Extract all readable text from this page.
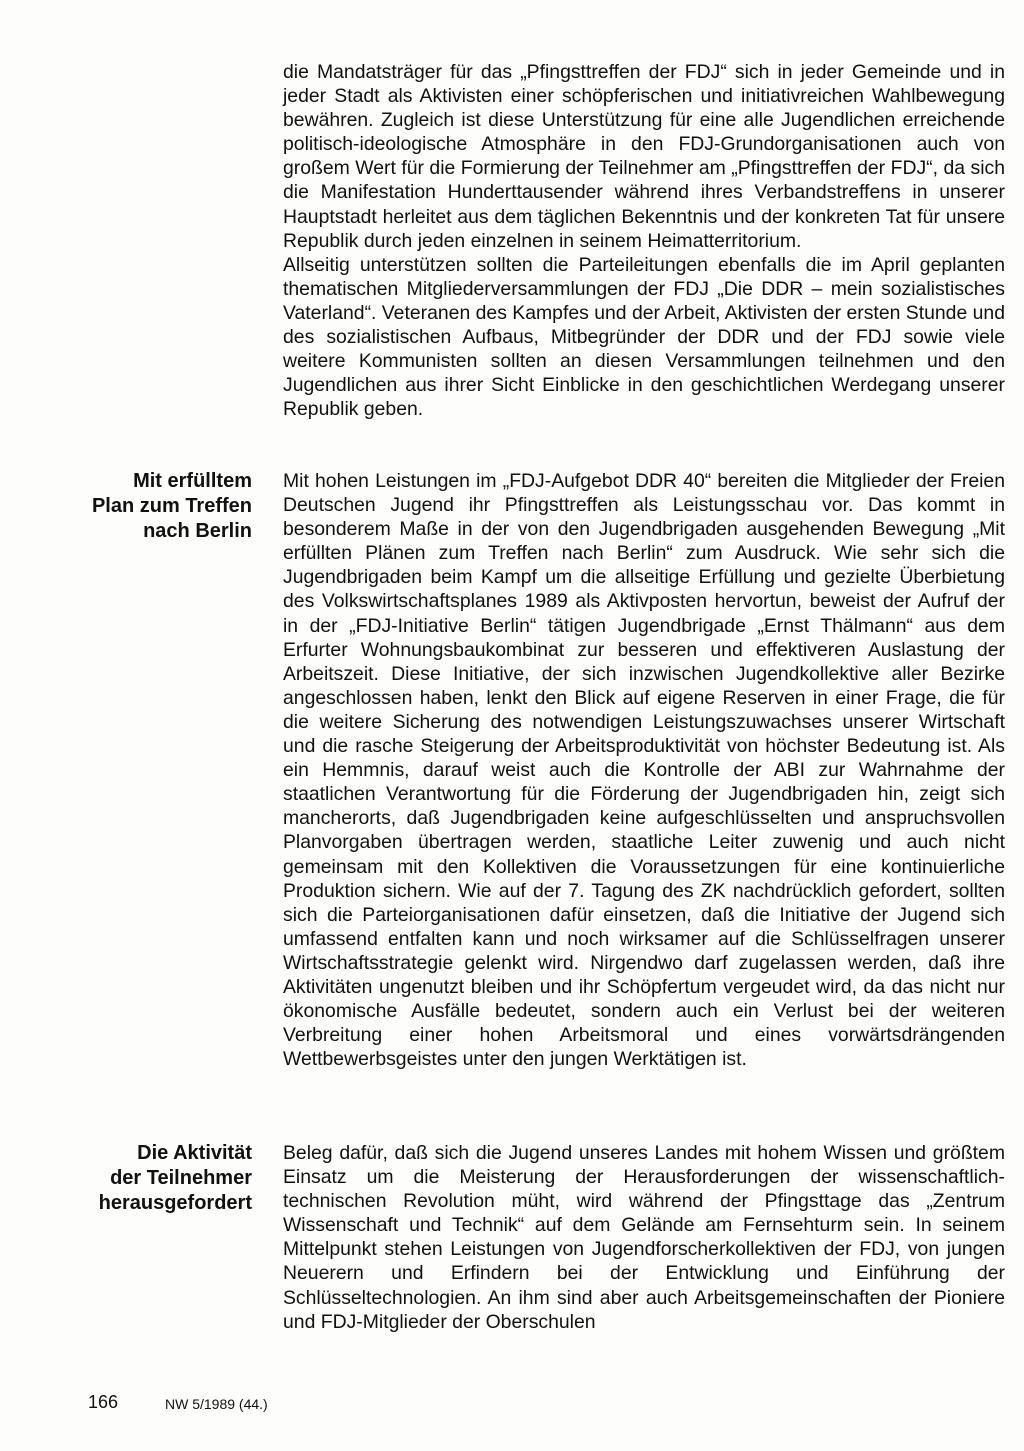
die Mandatsträger für das „Pfingsttreffen der FDJ“ sich in jeder Gemeinde und in jeder Stadt als Aktivisten einer schöpferischen und initiativreichen Wahlbewegung bewähren. Zugleich ist diese Unterstützung für eine alle Jugendlichen erreichende politisch-ideologische Atmosphäre in den FDJ-Grundorganisationen auch von großem Wert für die Formierung der Teilnehmer am „Pfingsttreffen der FDJ“, da sich die Manifestation Hunderttausender während ihres Verbandstreffens in unserer Hauptstadt herleitet aus dem täglichen Bekenntnis und der konkreten Tat für unsere Republik durch jeden einzelnen in seinem Heimatterritorium.

Allseitig unterstützen sollten die Parteileitungen ebenfalls die im April geplanten thematischen Mitgliederversammlungen der FDJ „Die DDR – mein sozialistisches Vaterland“. Veteranen des Kampfes und der Arbeit, Aktivisten der ersten Stunde und des sozialistischen Aufbaus, Mitbegründer der DDR und der FDJ sowie viele weitere Kommunisten sollten an diesen Versammlungen teilnehmen und den Jugendlichen aus ihrer Sicht Einblicke in den geschichtlichen Werdegang unserer Republik geben.

Mit erfülltem
Plan zum Treffen
nach Berlin

Mit hohen Leistungen im „FDJ-Aufgebot DDR 40“ bereiten die Mitglieder der Freien Deutschen Jugend ihr Pfingsttreffen als Leistungsschau vor. Das kommt in besonderem Maße in der von den Jugendbrigaden ausgehenden Bewegung „Mit erfüllten Plänen zum Treffen nach Berlin“ zum Ausdruck. Wie sehr sich die Jugendbrigaden beim Kampf um die allseitige Erfüllung und gezielte Überbietung des Volkswirtschaftsplanes 1989 als Aktivposten hervortun, beweist der Aufruf der in der „FDJ-Initiative Berlin“ tätigen Jugendbrigade „Ernst Thälmann“ aus dem Erfurter Wohnungsbaukombinat zur besseren und effektiveren Auslastung der Arbeitszeit. Diese Initiative, der sich inzwischen Jugendkollektive aller Bezirke angeschlossen haben, lenkt den Blick auf eigene Reserven in einer Frage, die für die weitere Sicherung des notwendigen Leistungszuwachses unserer Wirtschaft und die rasche Steigerung der Arbeitsproduktivität von höchster Bedeutung ist. Als ein Hemmnis, darauf weist auch die Kontrolle der ABI zur Wahrnahme der staatlichen Verantwortung für die Förderung der Jugendbrigaden hin, zeigt sich mancherorts, daß Jugendbrigaden keine aufgeschlüsselten und anspruchsvollen Planvorgaben übertragen werden, staatliche Leiter zuwenig und auch nicht gemeinsam mit den Kollektiven die Voraussetzungen für eine kontinuierliche Produktion sichern. Wie auf der 7. Tagung des ZK nachdrücklich gefordert, sollten sich die Parteiorganisationen dafür einsetzen, daß die Initiative der Jugend sich umfassend entfalten kann und noch wirksamer auf die Schlüsselfragen unserer Wirtschaftsstrategie gelenkt wird. Nirgendwo darf zugelassen werden, daß ihre Aktivitäten ungenutzt bleiben und ihr Schöpfertum vergeudet wird, da das nicht nur ökonomische Ausfälle bedeutet, sondern auch ein Verlust bei der weiteren Verbreitung einer hohen Arbeitsmoral und eines vorwärtsdrängenden Wettbewerbsgeistes unter den jungen Werktätigen ist.

Die Aktivität
der Teilnehmer
herausgefordert

Beleg dafür, daß sich die Jugend unseres Landes mit hohem Wissen und größtem Einsatz um die Meisterung der Herausforderungen der wissenschaftlich-technischen Revolution müht, wird während der Pfingsttage das „Zentrum Wissenschaft und Technik“ auf dem Gelände am Fernsehturm sein. In seinem Mittelpunkt stehen Leistungen von Jugendforscherkollektiven der FDJ, von jungen Neuerern und Erfindern bei der Entwicklung und Einführung der Schlüsseltechnologien. An ihm sind aber auch Arbeitsgemeinschaften der Pioniere und FDJ-Mitglieder der Oberschulen

166	NW 5/1989 (44.)
